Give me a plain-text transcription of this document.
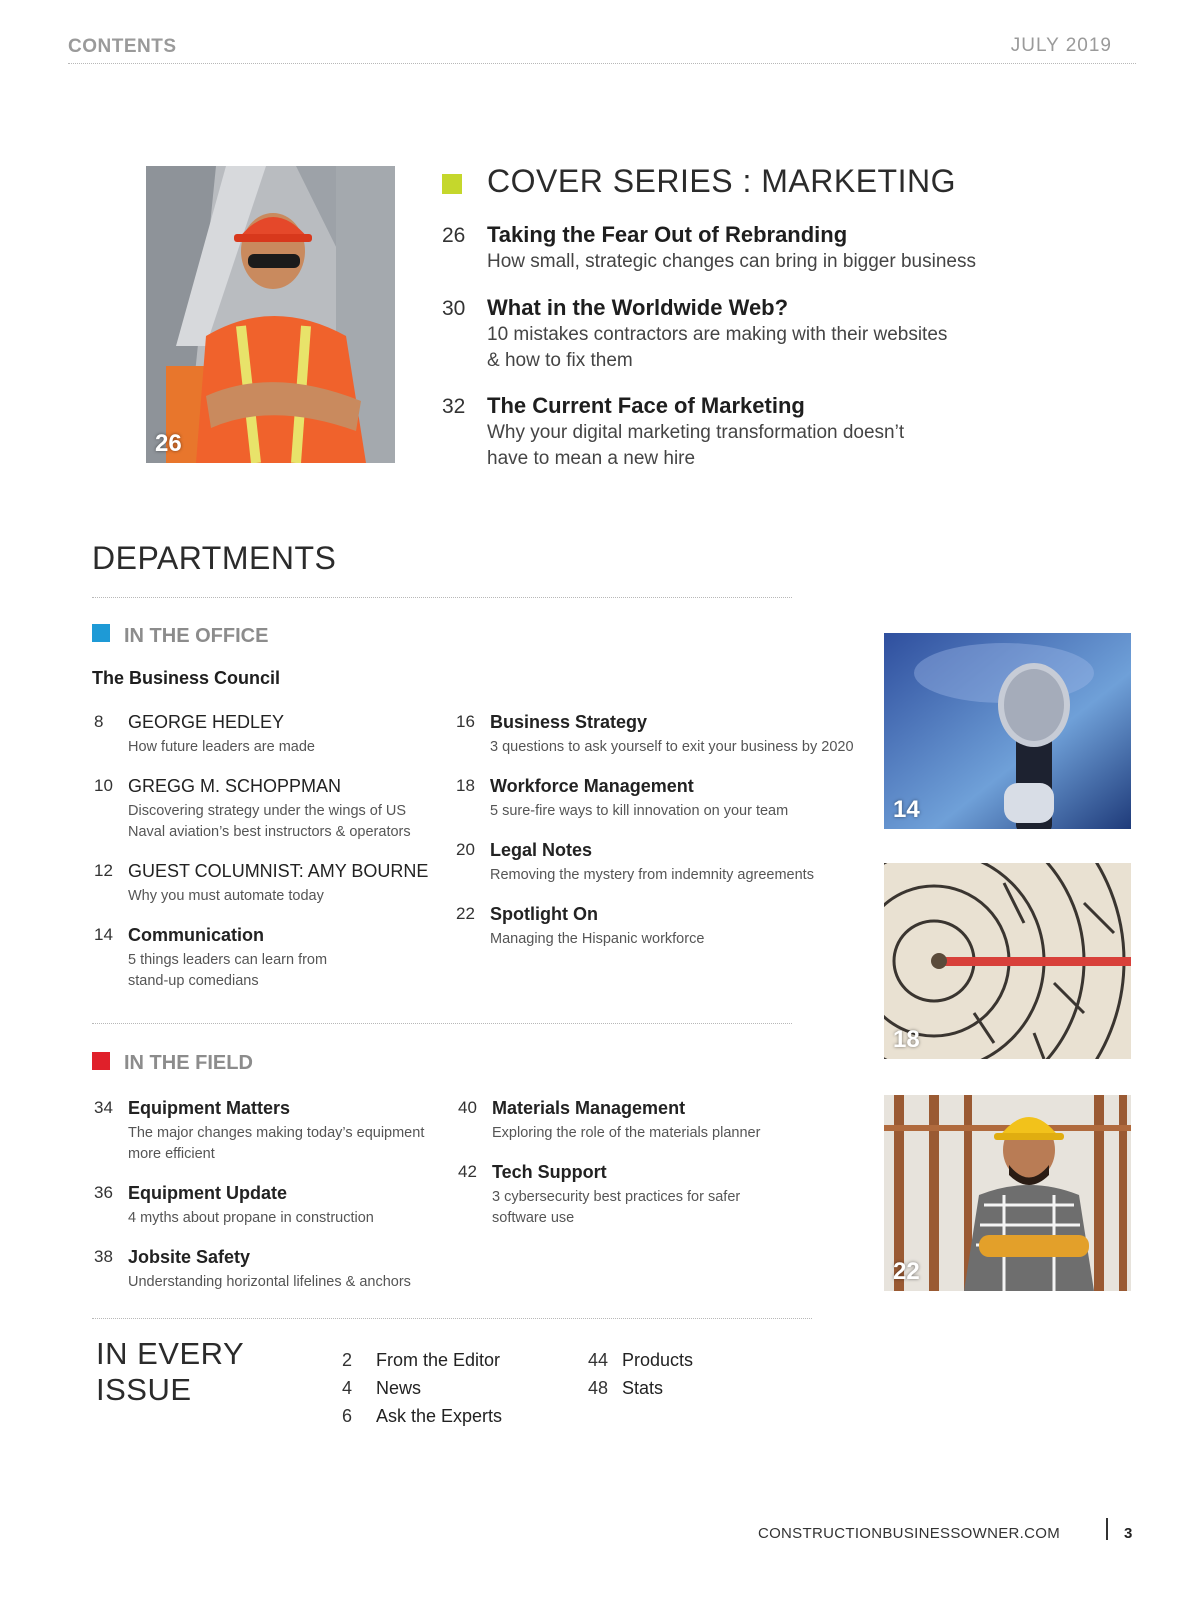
CONTENTS	JULY 2019
26
COVER SERIES : MARKETING
26 Taking the Fear Out of Rebranding
How small, strategic changes can bring in bigger business
30 What in the Worldwide Web?
10 mistakes contractors are making with their websites
& how to fix them
32 The Current Face of Marketing
Why your digital marketing transformation doesn’t
have to mean a new hire
DEPARTMENTS
IN THE OFFICE
The Business Council
8 GEORGE HEDLEY
How future leaders are made
10 GREGG M. SCHOPPMAN
Discovering strategy under the wings of US
Naval aviation’s best instructors & operators
12 GUEST COLUMNIST: AMY BOURNE
Why you must automate today
14 Communication
5 things leaders can learn from
stand-up comedians
16 Business Strategy
3 questions to ask yourself to exit your business by 2020
18 Workforce Management
5 sure-fire ways to kill innovation on your team
20 Legal Notes
Removing the mystery from indemnity agreements
22 Spotlight On
Managing the Hispanic workforce
IN THE FIELD
34 Equipment Matters
The major changes making today’s equipment
more efficient
36 Equipment Update
4 myths about propane in construction
38 Jobsite Safety
Understanding horizontal lifelines & anchors
40 Materials Management
Exploring the role of the materials planner
42 Tech Support
3 cybersecurity best practices for safer
software use
14
18
22
IN EVERY
ISSUE
2 From the Editor
4 News
6 Ask the Experts
44 Products
48 Stats
CONSTRUCTIONBUSINESSOWNER.COM	3
